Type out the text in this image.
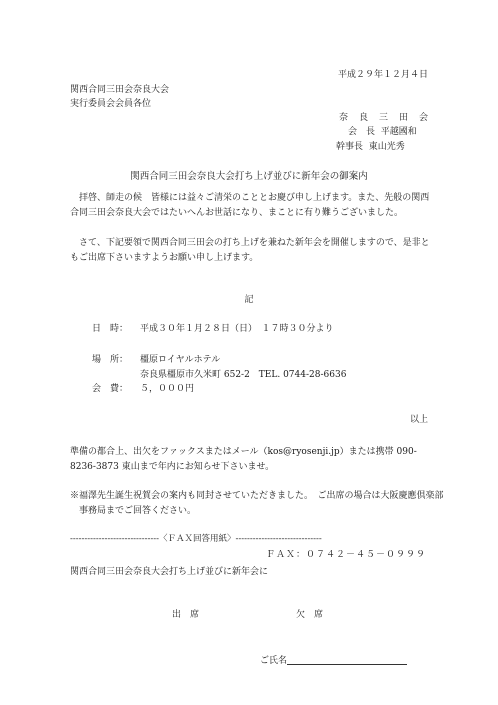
平成２９年１２月４日
関西合同三田会奈良大会
実行委員会会員各位
奈　良　三　田　会
会　長 平越國和
幹事長 東山光秀
関西合同三田会奈良大会打ち上げ並びに新年会の御案内
拝啓、師走の候　皆様には益々ご清栄のこととお慶び申し上げます。また、先般の関西合同三田会奈良大会ではたいへんお世話になり、まことに有り難うございました。
さて、下記要領で関西合同三田会の打ち上げを兼ねた新年会を開催しますので、是非ともご出席下さいますようお願い申し上げます。
記
日　時： 平成３０年１月２８日（日）　１７時３０分より
場　所： 橿原ロイヤルホテル
奈良県橿原市久米町 652-2　TEL. 0744-28-6636
会　費： ５，０００円
以上
準備の都合上、出欠をファックスまたはメール（kos@ryosenji.jp）または携帯 090-8236-3873 東山まで年内にお知らせ下さいませ。
※福澤先生誕生祝賀会の案内も同封させていただきました。　ご出席の場合は大阪慶應倶楽部事務局までご回答ください。
-------------------------------〈ＦＡＸ回答用紙〉------------------------------
ＦＡＸ：０７４２－４５－０９９９
関西合同三田会奈良大会打ち上げ並びに新年会に
出　席	欠　席
ご氏名
